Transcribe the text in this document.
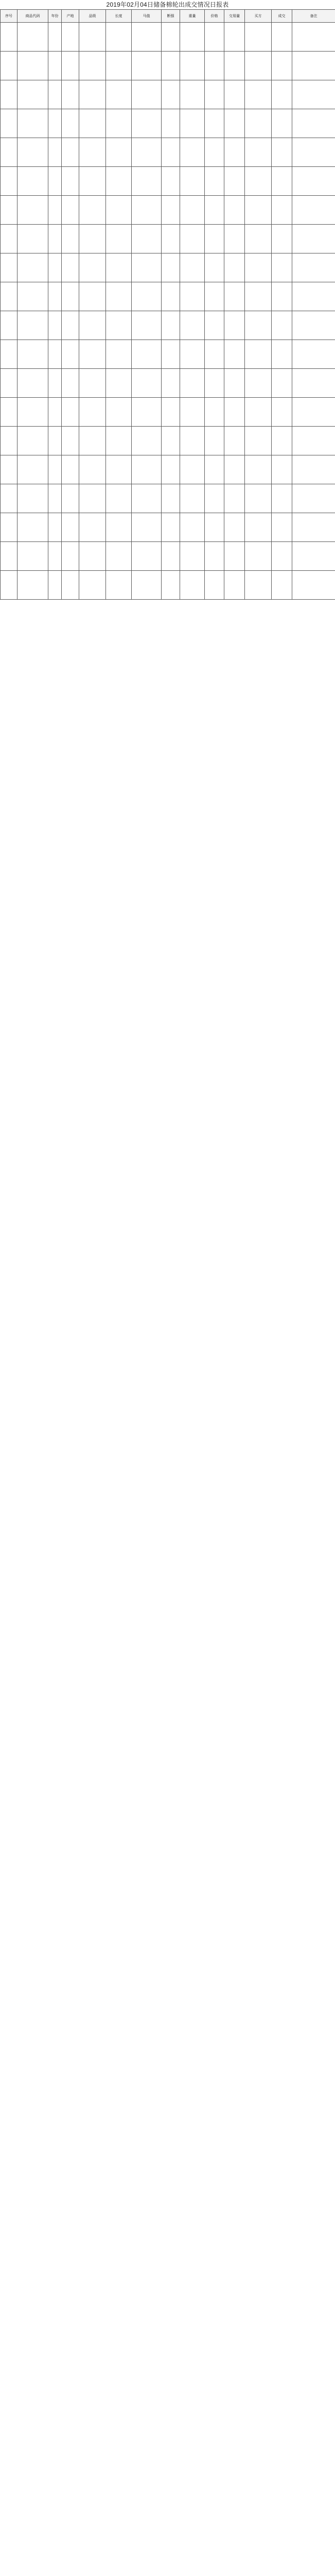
2019年02月04日储备棉轮出成交情况日报表
序号	商品代码	年份	产地	品级	长度	马值	断强	重量	价格	交易量	买方	成交	备注
